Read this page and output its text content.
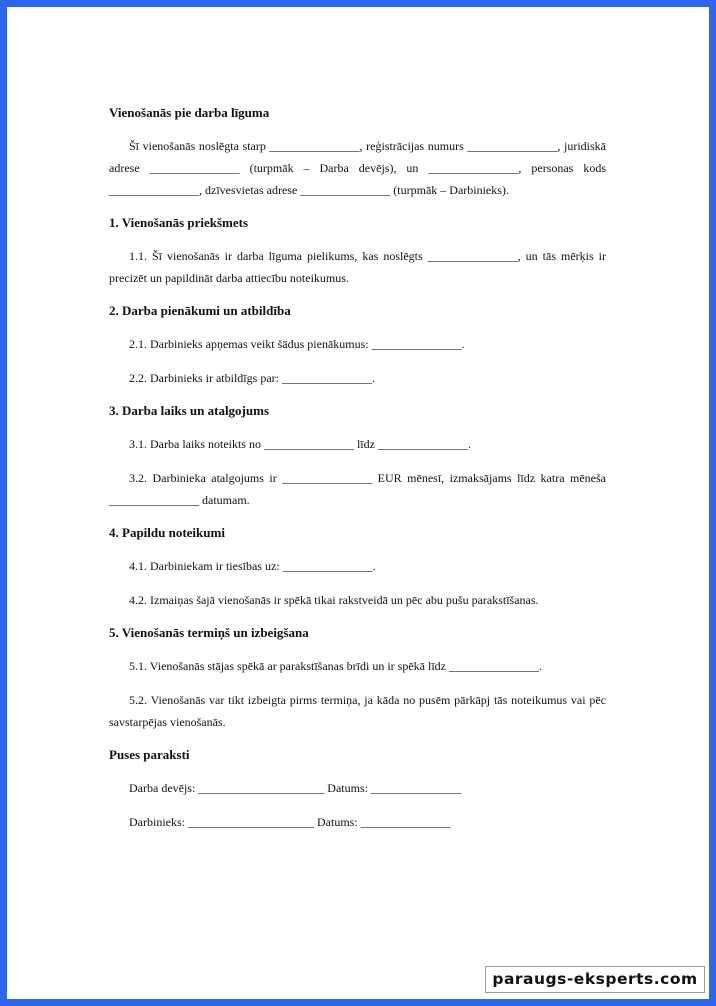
Vienošanās pie darba līguma

Šī vienošanās noslēgta starp _______________, reģistrācijas numurs _______________, juridiskā adrese _______________ (turpmāk – Darba devējs), un _______________, personas kods _______________, dzīvesvietas adrese _______________ (turpmāk – Darbinieks).

1. Vienošanās priekšmets

1.1. Šī vienošanās ir darba līguma pielikums, kas noslēgts _______________, un tās mērķis ir precizēt un papildināt darba attiecību noteikumus.

2. Darba pienākumi un atbildība

2.1. Darbinieks apņemas veikt šādus pienākumus: _______________.

2.2. Darbinieks ir atbildīgs par: _______________.

3. Darba laiks un atalgojums

3.1. Darba laiks noteikts no _______________ līdz _______________.

3.2. Darbinieka atalgojums ir _______________ EUR mēnesī, izmaksājams līdz katra mēneša _______________ datumam.

4. Papildu noteikumi

4.1. Darbiniekam ir tiesības uz: _______________.

4.2. Izmaiņas šajā vienošanās ir spēkā tikai rakstveidā un pēc abu pušu parakstīšanas.

5. Vienošanās termiņš un izbeigšana

5.1. Vienošanās stājas spēkā ar parakstīšanas brīdi un ir spēkā līdz _______________.

5.2. Vienošanās var tikt izbeigta pirms termiņa, ja kāda no pusēm pārkāpj tās noteikumus vai pēc savstarpējas vienošanās.

Puses paraksti
Darba devējs: _____________________ Datums: _______________
Darbinieks: _____________________ Datums: _______________
paraugs-eksperts.com
